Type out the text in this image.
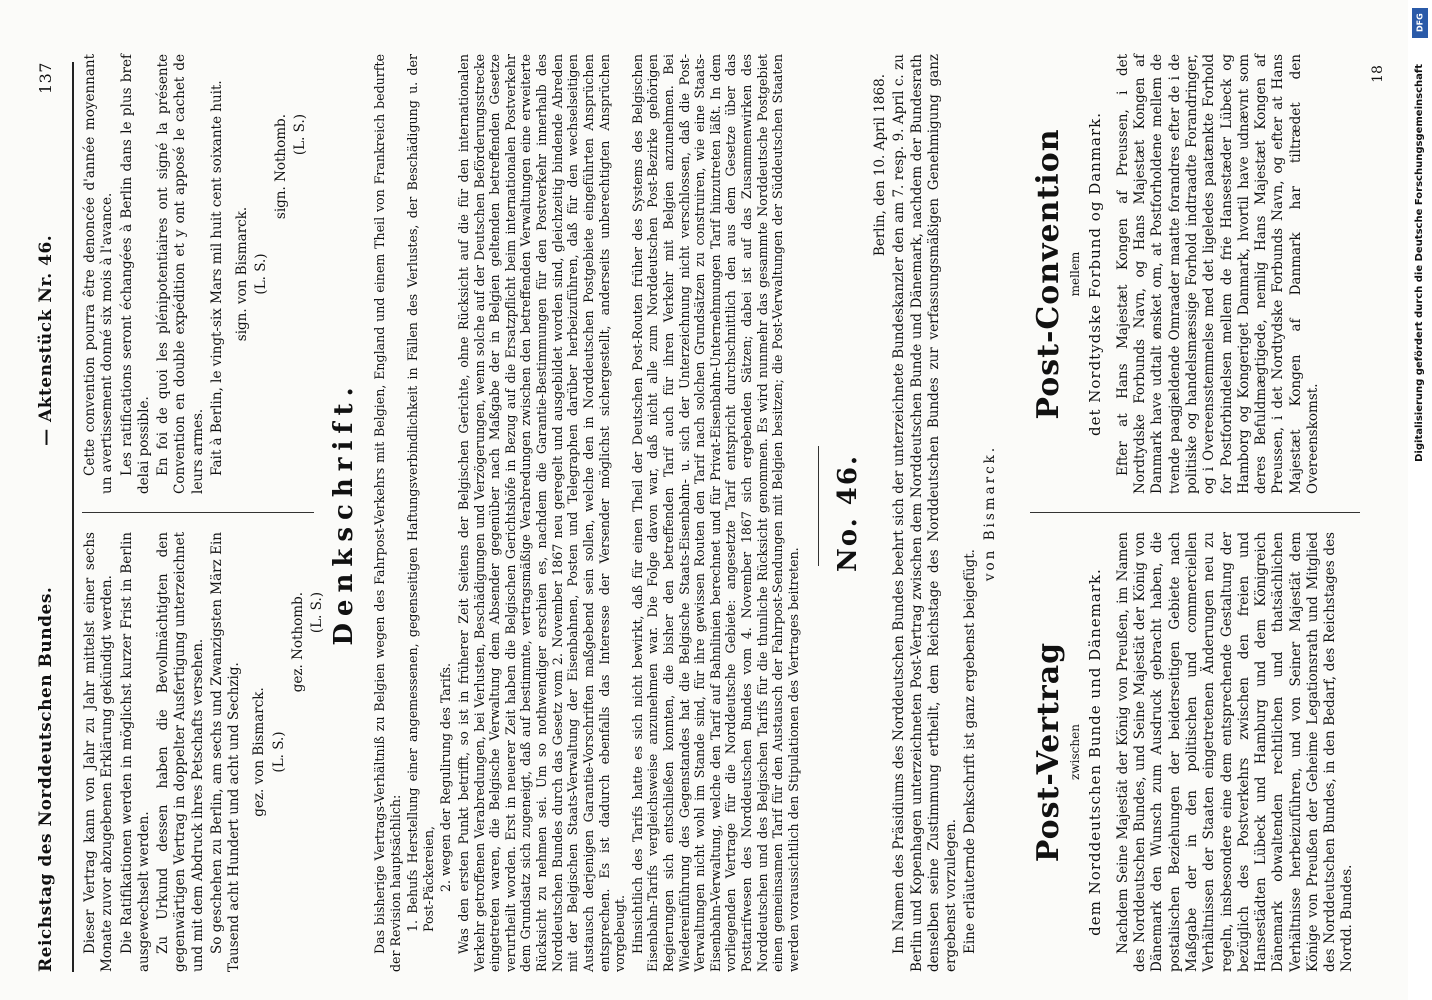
Reichstag des Norddeutschen Bundes.
— Aktenstück Nr. 46.
137

Dieser Vertrag kann von Jahr zu Jahr mittelst einer sechs Monate zuvor abzugebenen Erklärung gekündigt werden. Die Ratifikationen werden in möglichst kurzer Frist in Berlin ausgewechselt werden. Zu Urkund dessen haben die Bevollmächtigten den gegenwärtigen Vertrag in doppelter Ausfertigung unterzeichnet und mit dem Abdruck ihres Petschafts versehen. So geschehen zu Berlin, am sechs und Zwanzigsten März Ein Tausend acht Hundert und acht und Sechzig. gez. von Bismarck. (L. S.)

gez. Nothomb. (L. S.)

Cette convention pourra être denoncée d'année moyennant un avertissement donné six mois à l'avance. Les ratifications seront échangées à Berlin dans le plus bref delai possible. En foi de quoi les plénipotentiaires ont signé la présente Convention en double expédition et y ont apposé le cachet de leurs armes. Fait à Berlin, le vingt-six Mars mil huit cent soixante huit. sign. von Bismarck. (L. S.)

sign. Nothomb. (L. S.)

Denkschrift. Das bisherige Vertrags-Verhältniß zu Belgien wegen des Fahrpost-Verkehrs mit Belgien, England und einem Theil von Frankreich bedurfte der Revision hauptsächlich: 1. Behufs Herstellung einer angemessenen, gegenseitigen Haftungsverbindlichkeit in Fällen des Verlustes, der Beschädigung u. der Post-Päckereien, 2. wegen der Regulirung des Tarifs. Was den ersten Punkt betrifft, so ist in früherer Zeit Seitens der Belgischen Gerichte, ohne Rücksicht auf die für den internationalen Verkehr getroffenen Verabredungen, bei Verlusten, Beschädigungen und Verzögerungen, wenn solche auf der Deutschen Beförderungsstrecke eingetreten waren, die Belgische Verwaltung dem Absender gegenüber nach Maßgabe der in Belgien geltenden betreffenden Gesetze verurtheilt worden. Erst in neuerer Zeit haben die Belgischen Gerichtshöfe in Bezug auf die Ersatzpflicht beim internationalen Postverkehr dem Grundsatz sich zugeneigt, daß auf bestimmte, vertragsmäßige Verabredungen zwischen den betreffenden Verwaltungen eine erweiterte Rücksicht zu nehmen sei. Um so nothwendiger erschien es, nachdem die Garantie-Bestimmungen für den Postverkehr innerhalb des Norddeutschen Bundes durch das Gesetz vom 2. November 1867 neu geregelt und ausgebildet worden sind, gleichzeitig bindende Abreden mit der Belgischen Staats-Verwaltung der Eisenbahnen, Posten und Telegraphen darüber herbeizuführen, daß für den wechselseitigen Austausch derjenigen Garantie-Vorschriften maßgebend sein sollen, welche den in Norddeutschen Postgebiete eingeführten Ansprüchen entsprechen. Es ist dadurch ebenfalls das Interesse der Versender möglichst sichergestellt, anderseits unberechtigten Ansprüchen vorgebeugt. Hinsichtlich des Tarifs hatte es sich nicht bewirkt, daß für einen Theil der Deutschen Post-Routen früher des Systems des Belgischen Eisenbahn-Tarifs vergleichsweise anzunehmen war. Die Folge davon war, daß nicht alle zum Norddeutschen Post-Bezirke gehörigen Regierungen sich entschließen konnten, die bisher den betreffenden Tarif auch für ihren Verkehr mit Belgien anzunehmen. Bei Wiedereinführung des Gegenstandes hat die Belgische Staats-Eisenbahn- u. sich der Unterzeichnung nicht verschlossen, daß die Post-Verwaltungen nicht wohl im Stande sind, für ihre gewissen Routen den Tarif nach solchen Grundsätzen zu construiren, wie eine Staats-Eisenbahn-Verwaltung, welche den Tarif auf Bahnlinien berechnet und für Privat-Eisenbahn-Unternehmungen Tarif hinzutreten läßt. In dem vorliegenden Vertrage für die Norddeutsche Gebiete: angesetzte Tarif entspricht durchschnittlich den aus dem Gesetze über das Posttarifwesen des Norddeutschen Bundes vom 4. November 1867 sich ergebenden Sätzen; dabei ist auf das Zusammenwirken des Norddeutschen und des Belgischen Tarifs für die thunliche Rücksicht genommen. Es wird nunmehr das gesammte Norddeutsche Postgebiet einen gemeinsamen Tarif für den Austausch der Fahrpost-Sendungen mit Belgien besitzen; die Post-Verwaltungen der Süddeutschen Staaten werden voraussichtlich den Stipulationen des Vertrages beitreten.

No. 46.

Berlin, den 10. April 1868. Im Namen des Präsidiums des Norddeutschen Bundes beehrt sich der unterzeichnete Bundeskanzler den am 7. resp. 9. April c. zu Berlin und Kopenhagen unterzeichneten Post-Vertrag zwischen dem Norddeutschen Bunde und Dänemark, nachdem der Bundesrath denselben seine Zustimmung ertheilt, dem Reichstage des Norddeutschen Bundes zur verfassungsmäßigen Genehmigung ganz ergebenst vorzulegen. Eine erläuternde Denkschrift ist ganz ergebenst beigefügt.

von Bismarck.

Post-Vertrag zwischen dem Norddeutschen Bunde und Dänemark. Nachdem Seine Majestät der König von Preußen, im Namen des Norddeutschen Bundes, und Seine Majestät der König von Dänemark den Wunsch zum Ausdruck gebracht haben, die postalischen Beziehungen der beiderseitigen Gebiete nach Maßgabe der in den politischen und commerciellen Verhältnissen der Staaten eingetretenen Änderungen neu zu regeln, insbesondere eine dem entsprechende Gestaltung der bezüglich des Postverkehrs zwischen den freien und Hansestädten Lübeck und Hamburg und dem Königreich Dänemark obwaltenden rechtlichen und thatsächlichen Verhältnisse herbeizuführen, und von Seiner Majestät dem Könige von Preußen der Geheime Legationsrath und Mitglied des Norddeutschen Bundes, in den Bedarf, des Reichstages des Nordd. Bundes.

Post-Convention mellem det Nordtydske Forbund og Danmark. Efter at Hans Majestæt Kongen af Preussen, i det Nordtydske Forbunds Navn, og Hans Majestæt Kongen af Danmark have udtalt ønsket om, at Postforholdene mellem de tvende paagjældende Omraader maatte forandres efter de i de politiske og handelsmæssige Forhold indtraadte Forandringer, og i Overeensstemmelse med det ligeledes paatænkte Forhold for Postforbindelsen mellem de frie Hansestæder Lübeck og Hamborg og Kongeriget Danmark, hvortil have udnævnt som deres Befuldmægtigede, nemlig Hans Majestæt Kongen af Preussen, i det Nordtydske Forbunds Navn, og efter at Hans Majestæt Kongen af Danmark har tiltrædet den Overeenskomst.

18
DFG
Digitalisierung gefördert durch die Deutsche Forschungsgemeinschaft
